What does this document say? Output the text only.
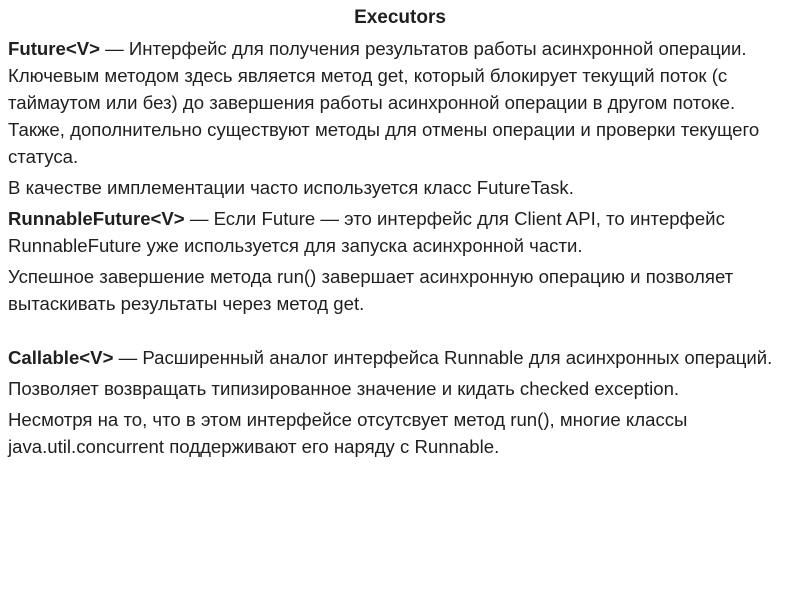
Executors

Future<V> — Интерфейс для получения результатов работы асинхронной операции. Ключевым методом здесь является метод get, который блокирует текущий поток (с таймаутом или без) до завершения работы асинхронной операции в другом потоке. Также, дополнительно существуют методы для отмены операции и проверки текущего статуса.

В качестве имплементации часто используется класс FutureTask.

RunnableFuture<V> — Если Future — это интерфейс для Client API, то интерфейс RunnableFuture уже используется для запуска асинхронной части.

Успешное завершение метода run() завершает асинхронную операцию и позволяет вытаскивать результаты через метод get.

Callable<V> — Расширенный аналог интерфейса Runnable для асинхронных операций.

Позволяет возвращать типизированное значение и кидать checked exception.

Несмотря на то, что в этом интерфейсе отсутсвует метод run(), многие классы java.util.concurrent поддерживают его наряду с Runnable.
